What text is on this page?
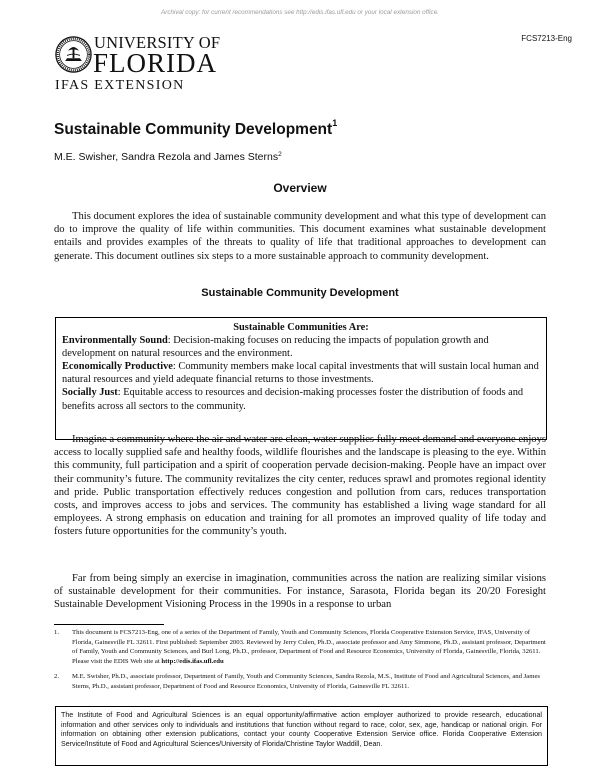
Archival copy: for current recommendations see http://edis.ifas.ufl.edu or your local extension office.
FCS7213-Eng
UNIVERSITY OF
FLORIDA
IFAS EXTENSION
Sustainable Community Development$^1$
M.E. Swisher, Sandra Rezola and James Sterns$^2$
Overview
This document explores the idea of sustainable community development and what this type of development can do to improve the quality of life within communities. This document examines what sustainable development entails and provides examples of the threats to quality of life that traditional approaches to development can generate. This document outlines six steps to a more sustainable approach to community development.
Sustainable Community Development
Sustainable Communities Are:
Environmentally Sound: Decision-making focuses on reducing the impacts of population growth and development on natural resources and the environment.
Economically Productive: Community members make local capital investments that will sustain local human and natural resources and yield adequate financial returns to those investments.
Socially Just: Equitable access to resources and decision-making processes foster the distribution of foods and benefits across all sectors to the community.
Imagine a community where the air and water are clean, water supplies fully meet demand and everyone enjoys access to locally supplied safe and healthy foods, wildlife flourishes and the landscape is pleasing to the eye. Within this community, full participation and a spirit of cooperation pervade decision-making. People have an impact over their community’s future. The community revitalizes the city center, reduces sprawl and promotes regional identity and pride. Public transportation effectively reduces congestion and pollution from cars, reduces transportation costs, and improves access to jobs and services. The community has established a living wage standard for all employees. A strong emphasis on education and training for all promotes an improved quality of life today and fosters future opportunities for the community’s youth.
Far from being simply an exercise in imagination, communities across the nation are realizing similar visions of sustainable development for their communities. For instance, Sarasota, Florida began its 20/20 Foresight Sustainable Development Visioning Process in the 1990s in a response to urban
1. This document is FCS7213-Eng, one of a series of the Department of Family, Youth and Community Sciences, Florida Cooperative Extension Service, IFAS, University of Florida, Gainesville FL 32611. First published: September 2003. Reviewed by Jerry Culen, Ph.D., associate professor and Amy Simmone, Ph.D., assistant professor, Department of Family, Youth and Community Sciences, and Burl Long, Ph.D., professor, Department of Food and Resource Economics, University of Florida, Gainesville, Florida, 32611. Please visit the EDIS Web site at http://edis.ifas.ufl.edu
2. M.E. Swisher, Ph.D., associate professor, Department of Family, Youth and Community Sciences, Sandra Rezola, M.S., Institute of Food and Agricultural Sciences, and James Sterns, Ph.D., assistant professor, Department of Food and Resource Economics, University of Florida, Gainesville FL 32611.
The Institute of Food and Agricultural Sciences is an equal opportunity/affirmative action employer authorized to provide research, educational information and other services only to individuals and institutions that function without regard to race, color, sex, age, handicap or national origin. For information on obtaining other extension publications, contact your county Cooperative Extension Service office. Florida Cooperative Extension Service/Institute of Food and Agricultural Sciences/University of Florida/Christine Taylor Waddill, Dean.
